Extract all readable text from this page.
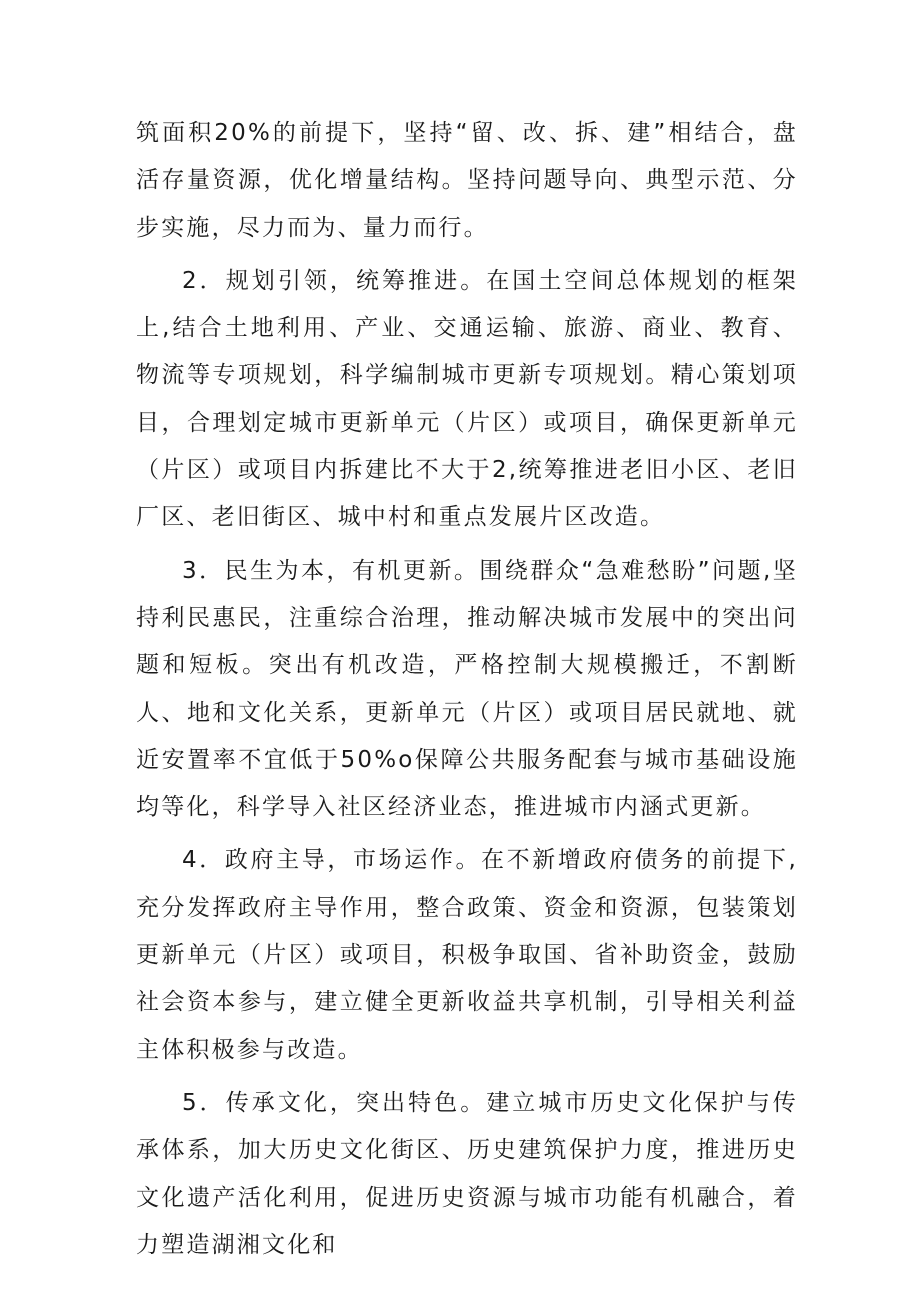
筑面积20%的前提下，坚持“留、改、拆、建”相结合，盘活存量资源，优化增量结构。坚持问题导向、典型示范、分步实施，尽力而为、量力而行。

2．规划引领，统筹推进。在国土空间总体规划的框架上,结合土地利用、产业、交通运输、旅游、商业、教育、物流等专项规划，科学编制城市更新专项规划。精心策划项目，合理划定城市更新单元（片区）或项目，确保更新单元（片区）或项目内拆建比不大于2,统筹推进老旧小区、老旧厂区、老旧街区、城中村和重点发展片区改造。

3．民生为本，有机更新。围绕群众“急难愁盼”问题,坚持利民惠民，注重综合治理，推动解决城市发展中的突出问题和短板。突出有机改造，严格控制大规模搬迁，不割断人、地和文化关系，更新单元（片区）或项目居民就地、就近安置率不宜低于50%o保障公共服务配套与城市基础设施均等化，科学导入社区经济业态，推进城市内涵式更新。

4．政府主导，市场运作。在不新增政府债务的前提下,充分发挥政府主导作用，整合政策、资金和资源，包装策划更新单元（片区）或项目，积极争取国、省补助资金，鼓励社会资本参与，建立健全更新收益共享机制，引导相关利益主体积极参与改造。

5．传承文化，突出特色。建立城市历史文化保护与传承体系，加大历史文化街区、历史建筑保护力度，推进历史文化遗产活化利用，促进历史资源与城市功能有机融合，着力塑造湖湘文化和
